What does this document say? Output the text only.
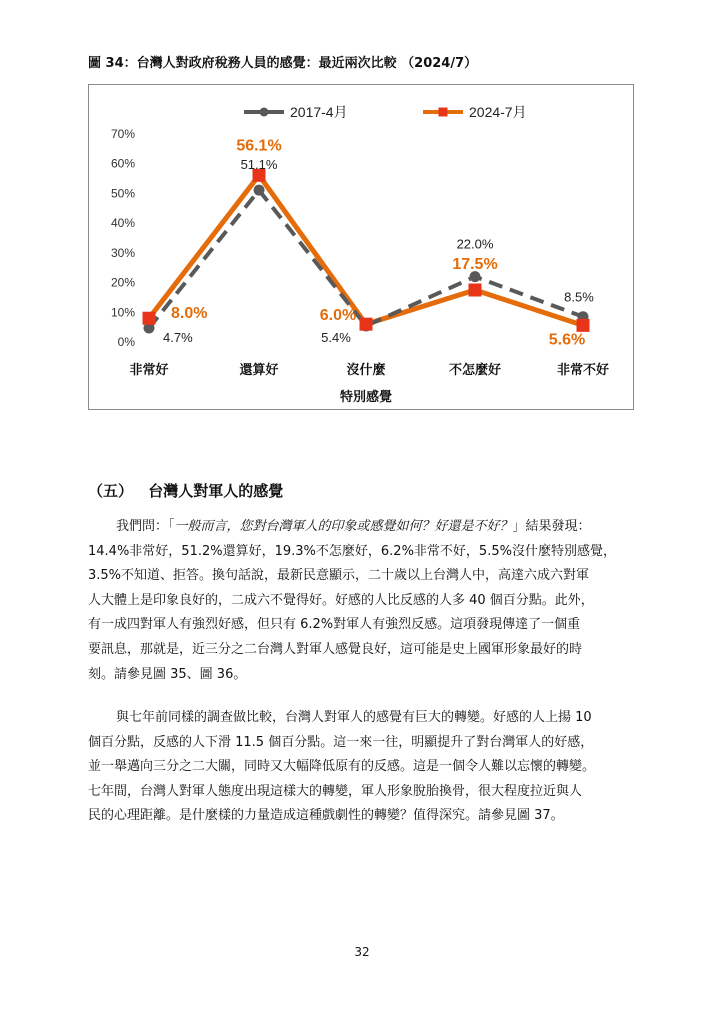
圖 34：台灣人對政府稅務人員的感覺：最近兩次比較 （2024/7）
0%
10%
20%
30%
40%
50%
60%
70%
非常好	還算好	沒什麼	不怎麼好	非常不好
特別感覺
2017-4月	2024-7月
4.7%
51.1%
5.4%
22.0%
8.5%
8.0%
56.1%
6.0%
17.5%
5.6%
（五） 台灣人對軍人的感覺
我們問：「一般而言，您對台灣軍人的印象或感覺如何？好還是不好？」結果發現：
14.4%非常好，51.2%還算好，19.3%不怎麼好，6.2%非常不好，5.5%沒什麼特別感覺，
3.5%不知道、拒答。換句話說，最新民意顯示，二十歲以上台灣人中，高達六成六對軍
人大體上是印象良好的，二成六不覺得好。好感的人比反感的人多 40 個百分點。此外，
有一成四對軍人有強烈好感，但只有 6.2%對軍人有強烈反感。這項發現傳達了一個重
要訊息，那就是，近三分之二台灣人對軍人感覺良好，這可能是史上國軍形象最好的時
刻。請參見圖 35、圖 36。
與七年前同樣的調查做比較，台灣人對軍人的感覺有巨大的轉變。好感的人上揚 10
個百分點，反感的人下滑 11.5 個百分點。這一來一往，明顯提升了對台灣軍人的好感，
並一舉邁向三分之二大關，同時又大幅降低原有的反感。這是一個令人難以忘懷的轉變。
七年間，台灣人對軍人態度出現這樣大的轉變，軍人形象脫胎換骨，很大程度拉近與人
民的心理距離。是什麼樣的力量造成這種戲劇性的轉變？值得深究。請參見圖 37。
32
